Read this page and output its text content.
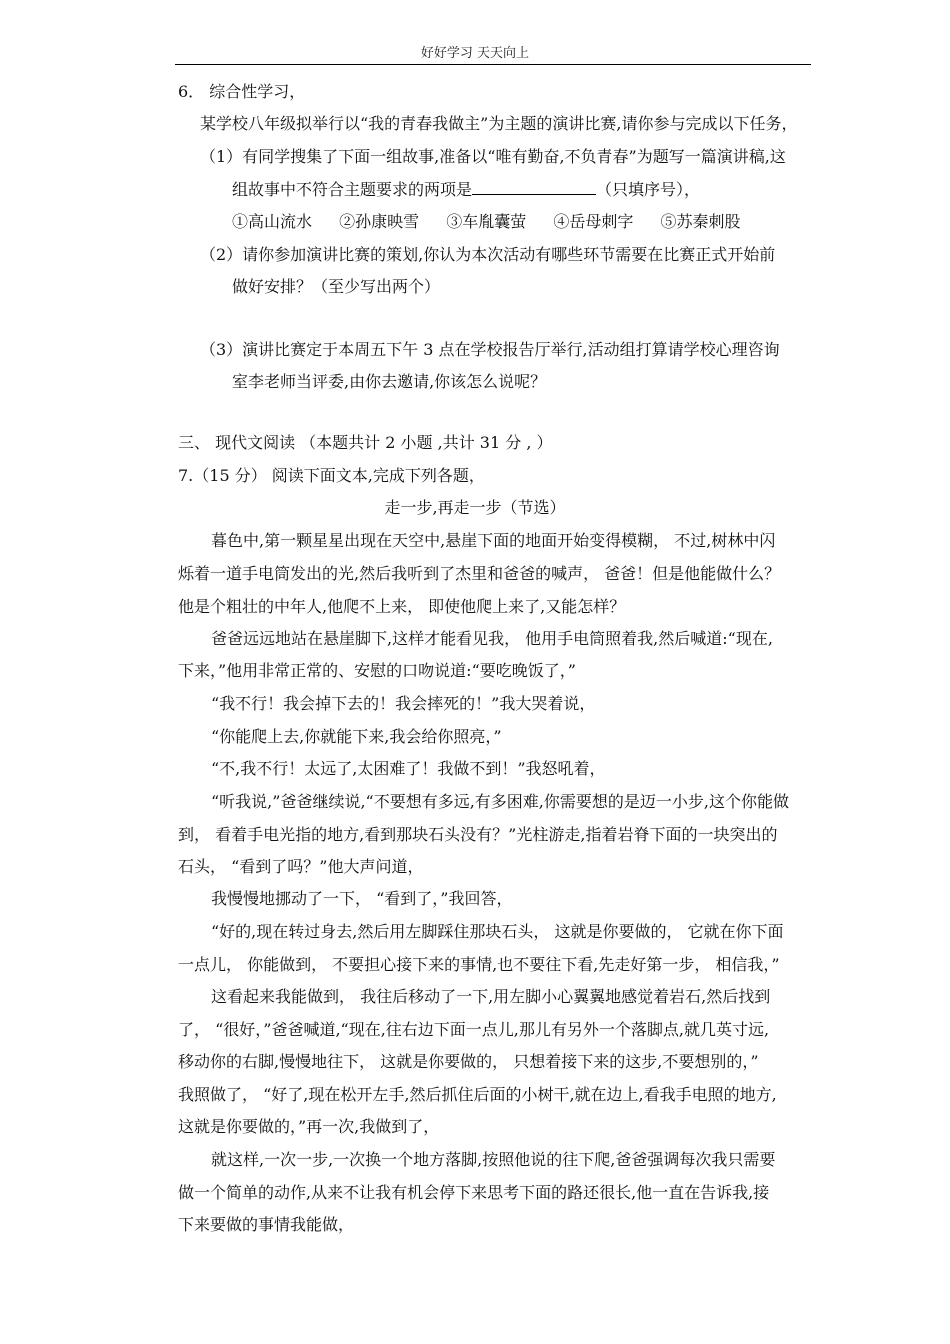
好好学习 天天向上
6． 综合性学习，
某学校八年级拟举行以“我的青春我做主”为主题的演讲比赛,请你参与完成以下任务，
（1）有同学搜集了下面一组故事,准备以“唯有勤奋,不负青春”为题写一篇演讲稿,这
组故事中不符合主题要求的两项是	（只填序号），
①高山流水 ②孙康映雪 ③车胤囊萤 ④岳母刺字 ⑤苏秦刺股
（2）请你参加演讲比赛的策划,你认为本次活动有哪些环节需要在比赛正式开始前
做好安排？（至少写出两个）
（3）演讲比赛定于本周五下午 3 点在学校报告厅举行,活动组打算请学校心理咨询
室李老师当评委,由你去邀请,你该怎么说呢？
三、 现代文阅读 （本题共计 2 小题 ,共计 31 分 , ）
7.（15 分） 阅读下面文本,完成下列各题，
走一步,再走一步（节选）
暮色中,第一颗星星出现在天空中,悬崖下面的地面开始变得模糊， 不过,树林中闪
烁着一道手电筒发出的光,然后我听到了杰里和爸爸的喊声， 爸爸！但是他能做什么？
他是个粗壮的中年人,他爬不上来， 即使他爬上来了,又能怎样？
爸爸远远地站在悬崖脚下,这样才能看见我， 他用手电筒照着我,然后喊道:“现在,
下来，”他用非常正常的、安慰的口吻说道:“要吃晚饭了，”
“我不行！我会掉下去的！我会摔死的！”我大哭着说，
“你能爬上去,你就能下来,我会给你照亮，”
“不,我不行！太远了,太困难了！我做不到！”我怒吼着，
“听我说,”爸爸继续说,“不要想有多远,有多困难,你需要想的是迈一小步,这个你能做
到， 看着手电光指的地方,看到那块石头没有？”光柱游走,指着岩脊下面的一块突出的
石头， “看到了吗？”他大声问道，
我慢慢地挪动了一下， “看到了，”我回答，
“好的,现在转过身去,然后用左脚踩住那块石头， 这就是你要做的， 它就在你下面
一点儿， 你能做到， 不要担心接下来的事情,也不要往下看,先走好第一步， 相信我，”
这看起来我能做到， 我往后移动了一下,用左脚小心翼翼地感觉着岩石,然后找到
了， “很好，”爸爸喊道,“现在,往右边下面一点儿,那儿有另外一个落脚点,就几英寸远,
移动你的右脚,慢慢地往下， 这就是你要做的， 只想着接下来的这步,不要想别的，”
我照做了， “好了,现在松开左手,然后抓住后面的小树干,就在边上,看我手电照的地方,
这就是你要做的，”再一次,我做到了，
就这样,一次一步,一次换一个地方落脚,按照他说的往下爬,爸爸强调每次我只需要
做一个简单的动作,从来不让我有机会停下来思考下面的路还很长,他一直在告诉我,接
下来要做的事情我能做，
